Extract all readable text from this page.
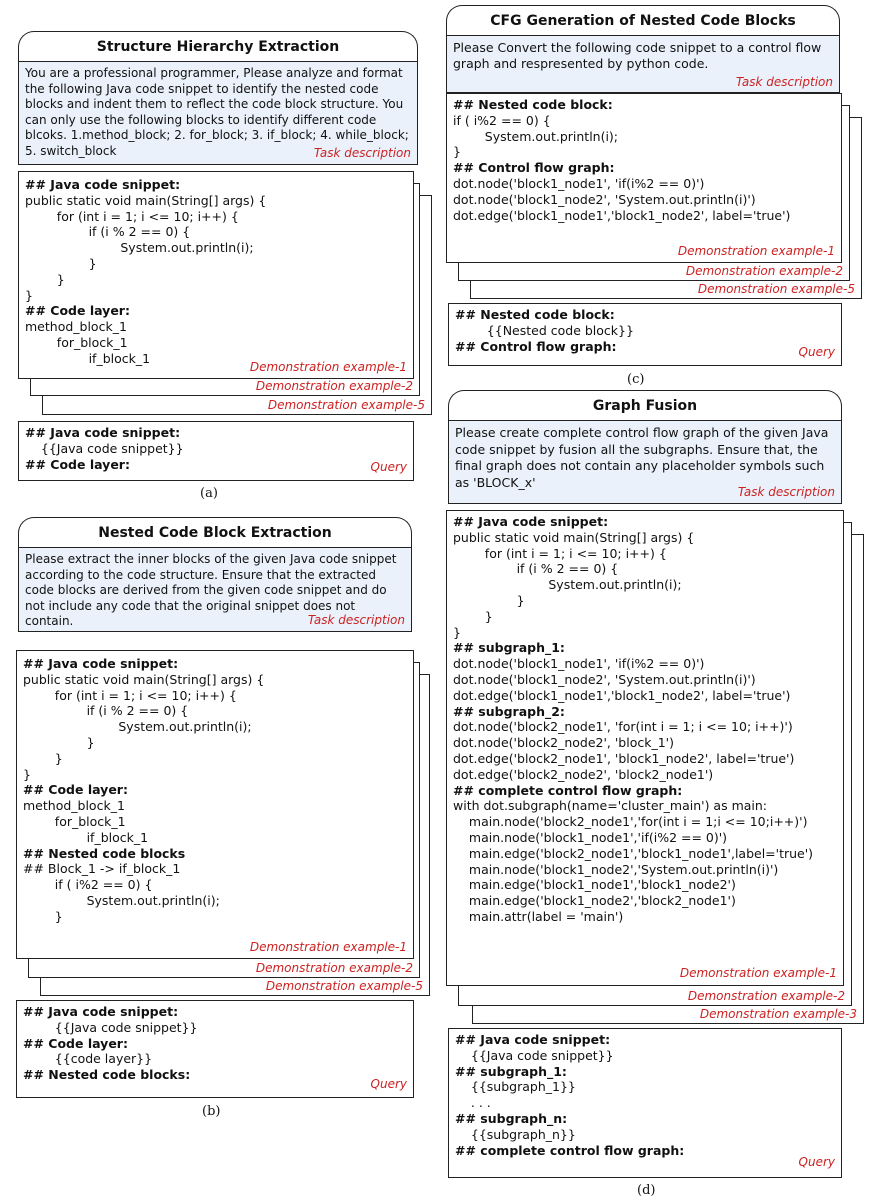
Structure Hierarchy Extraction
You are a professional programmer, Please analyze and format the following Java code snippet to identify the nested code blocks and indent them to reflect the code block structure. You can only use the following blocks to identify different code blcoks. 1.method_block; 2. for_block; 3. if_block; 4. while_block; 5. switch_block	Task description
Demonstration example-5
Demonstration example-2
## Java code snippet:
public static void main(String[] args) {
for (int i = 1; i <= 10; i++) {
if (i % 2 == 0) {
System.out.println(i);
}
}
}
## Code layer:
method_block_1
for_block_1
if_block_1
Demonstration example-1
## Java code snippet:
{{Java code snippet}}
## Code layer:	Query
(a)
Nested Code Block Extraction
Please extract the inner blocks of the given Java code snippet according to the code structure. Ensure that the extracted code blocks are derived from the given code snippet and do not include any code that the original snippet does not contain.	Task description
Demonstration example-5
Demonstration example-2
## Java code snippet:
public static void main(String[] args) {
for (int i = 1; i <= 10; i++) {
if (i % 2 == 0) {
System.out.println(i);
}
}
}
## Code layer:
method_block_1
for_block_1
if_block_1
## Nested code blocks
## Block_1 -> if_block_1
if ( i%2 == 0) {
System.out.println(i);
}
Demonstration example-1
## Java code snippet:
{{Java code snippet}}
## Code layer:
{{code layer}}
## Nested code blocks:
Query
(b)
CFG Generation of Nested Code Blocks
Please Convert the following code snippet to a control flow graph and respresented by python code.
Task description
Demonstration example-5
Demonstration example-2
## Nested code block:
if ( i%2 == 0) {
System.out.println(i);
}
## Control flow graph:
dot.node('block1_node1', 'if(i%2 == 0)')
dot.node('block1_node2', 'System.out.println(i)')
dot.edge('block1_node1','block1_node2', label='true')
Demonstration example-1
## Nested code block:
{{Nested code block}}
## Control flow graph:	Query
(c)
Graph Fusion
Please create complete control flow graph of the given Java code snippet by fusion all the subgraphs. Ensure that, the final graph does not contain any placeholder symbols such as 'BLOCK_x'
Task description
Demonstration example-3
Demonstration example-2
## Java code snippet:
public static void main(String[] args) {
for (int i = 1; i <= 10; i++) {
if (i % 2 == 0) {
System.out.println(i);
}
}
}
## subgraph_1:
dot.node('block1_node1', 'if(i%2 == 0)')
dot.node('block1_node2', 'System.out.println(i)')
dot.edge('block1_node1','block1_node2', label='true')
## subgraph_2:
dot.node('block2_node1', 'for(int i = 1; i <= 10; i++)')
dot.node('block2_node2', 'block_1')
dot.edge('block2_node1', 'block1_node2', label='true')
dot.edge('block2_node2', 'block2_node1')
## complete control flow graph:
with dot.subgraph(name='cluster_main') as main:
main.node('block2_node1','for(int i = 1;i <= 10;i++)')
main.node('block1_node1','if(i%2 == 0)')
main.edge('block2_node1','block1_node1',label='true')
main.node('block1_node2','System.out.println(i)')
main.edge('block1_node1','block1_node2')
main.edge('block1_node2','block2_node1')
main.attr(label = 'main')
Demonstration example-1
## Java code snippet:
{{Java code snippet}}
## subgraph_1:
{{subgraph_1}}
. . .
## subgraph_n:
{{subgraph_n}}
## complete control flow graph:
Query
(d)
